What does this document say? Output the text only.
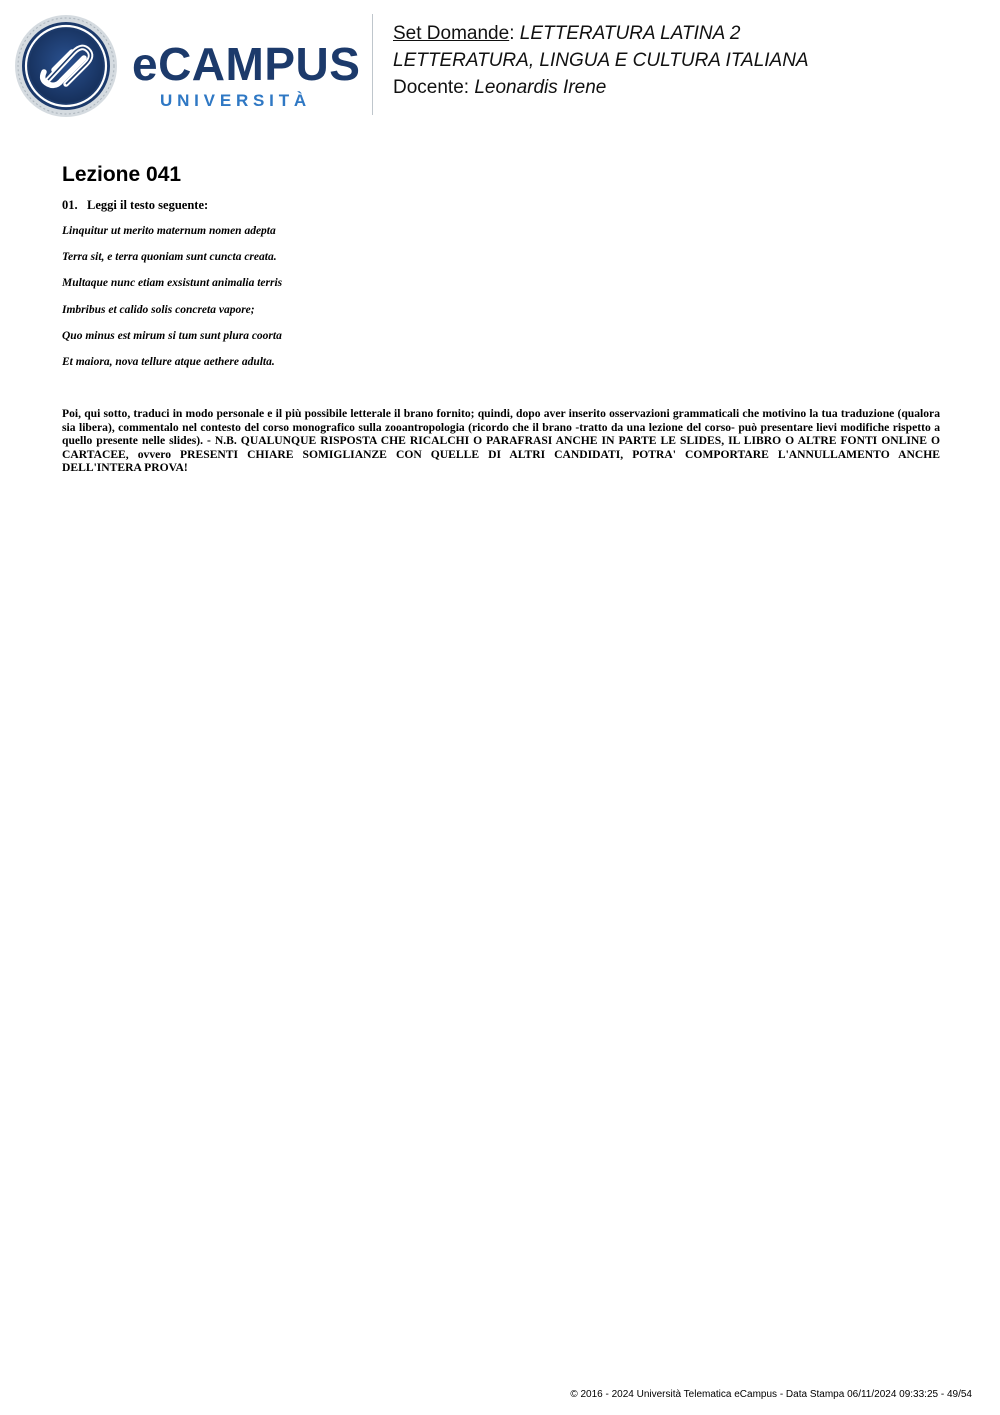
eCAMPUS
UNIVERSITÀ
Set Domande: LETTERATURA LATINA 2
LETTERATURA, LINGUA E CULTURA ITALIANA
Docente: Leonardis Irene
Lezione 041
01. Leggi il testo seguente:
Linquitur ut merito maternum nomen adepta
Terra sit, e terra quoniam sunt cuncta creata.
Multaque nunc etiam exsistunt animalia terris
Imbribus et calido solis concreta vapore;
Quo minus est mirum si tum sunt plura coorta
Et maiora, nova tellure atque aethere adulta.
Poi, qui sotto, traduci in modo personale e il più possibile letterale il brano fornito; quindi, dopo aver inserito osservazioni grammaticali che motivino la tua traduzione (qualora sia libera), commentalo nel contesto del corso monografico sulla zooantropologia (ricordo che il brano -tratto da una lezione del corso- può presentare lievi modifiche rispetto a quello presente nelle slides). - N.B. QUALUNQUE RISPOSTA CHE RICALCHI O PARAFRASI ANCHE IN PARTE LE SLIDES, IL LIBRO O ALTRE FONTI ONLINE O CARTACEE, ovvero PRESENTI CHIARE SOMIGLIANZE CON QUELLE DI ALTRI CANDIDATI, POTRA' COMPORTARE L'ANNULLAMENTO ANCHE DELL'INTERA PROVA!
© 2016 - 2024 Università Telematica eCampus - Data Stampa 06/11/2024 09:33:25 - 49/54
